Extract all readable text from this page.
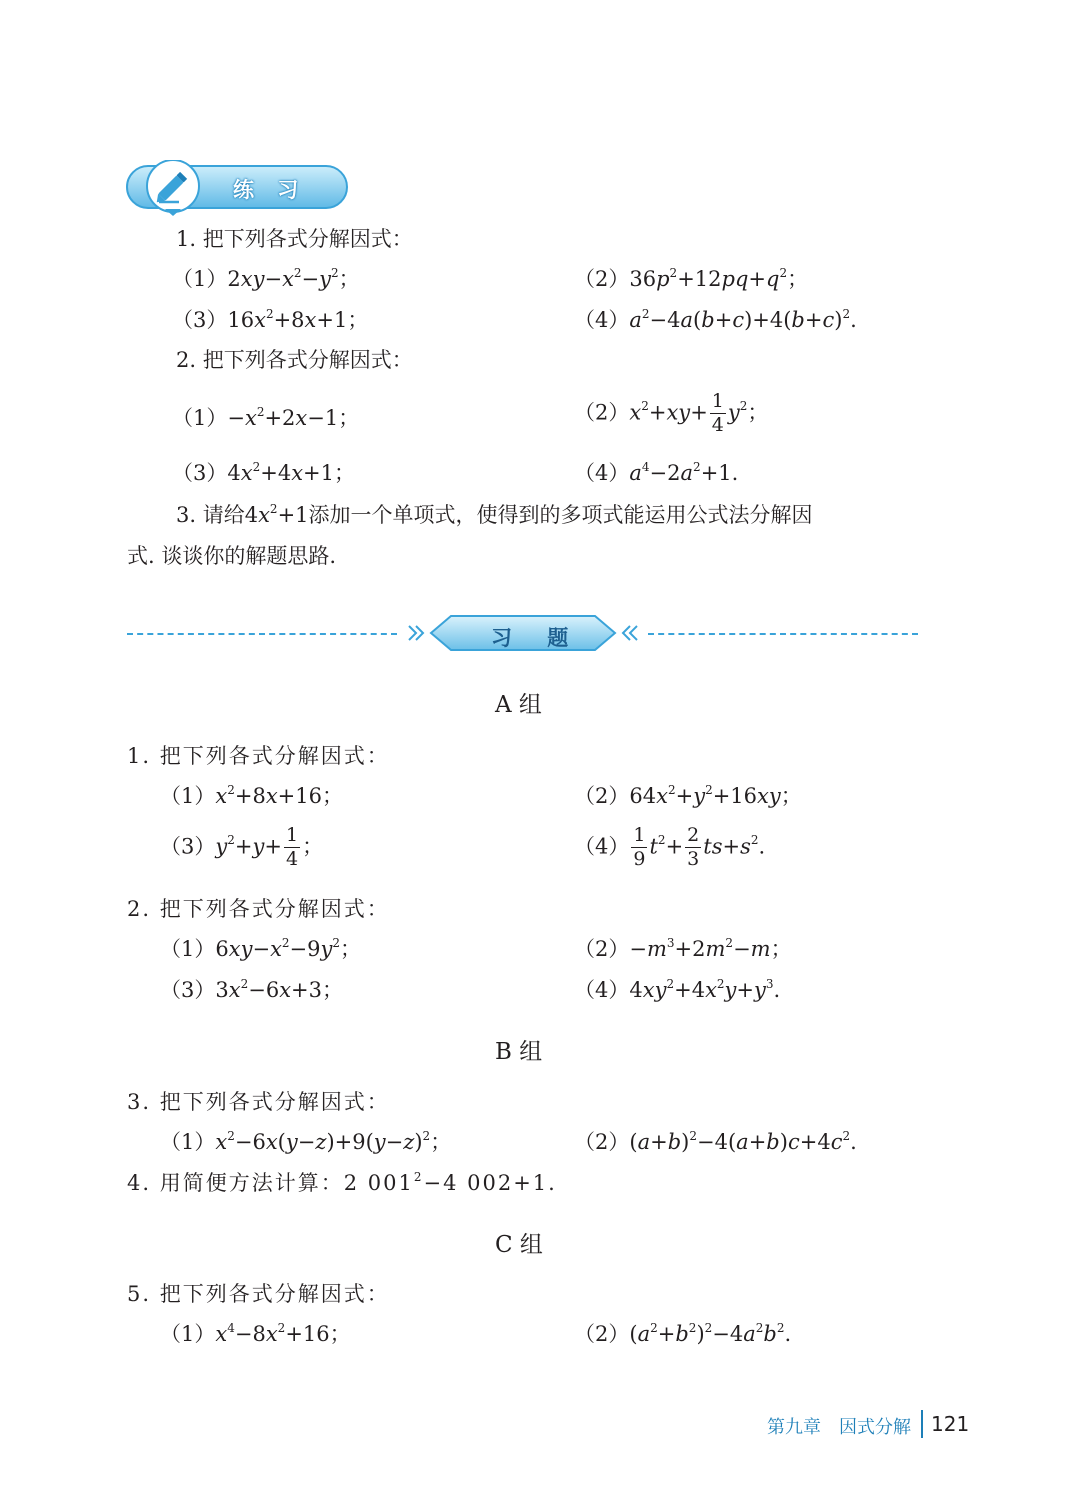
练 习
1. 把下列各式分解因式：
$(1)2xy-x^2-y^2$；	$(2)36p^2+12pq+q^2$；
$(3)16x^2+8x+1$；	$(4)a^2-4a(b+c)+4(b+c)^2$.
2. 把下列各式分解因式：
$(1)-x^2+2x-1$；	$(2)x^2+xy+ \frac{1}{4} y^2$；
$(3)4x^2+4x+1$；	$(4)a^4-2a^2+1$.
3. 请给$4x^2+1$添加一个单项式，使得到的多项式能运用公式法分解因
式. 谈谈你的解题思路.
习 题
A 组
1. 把下列各式分解因式：
$(1)x^2+8x+16$；	$(2)64x^2+y^2+16xy$；
$(3)y^2+y+ \frac{1}{4}$ ；	$(4) \frac{1}{9} t^2+ \frac{2}{3} ts+s^2$.
2. 把下列各式分解因式：
$(1)6xy-x^2-9y^2$；	$(2)-m^3+2m^2-m$；
$(3)3x^2-6x+3$；	$(4)4xy^2+4x^2y+y^3$.
B 组
3. 把下列各式分解因式：
$(1)x^2-6x(y-z)+9(y-z)^2$；	$(2)(a+b)^2-4(a+b)c+4c^2$.
4. 用简便方法计算：2 $001^2-4$ 002+1.
C 组
5. 把下列各式分解因式：
$(1)x^4-8x^2+16$；	$(2)(a^2+b^2)^2-4a^2b^2$.
第九章　因式分解 121
